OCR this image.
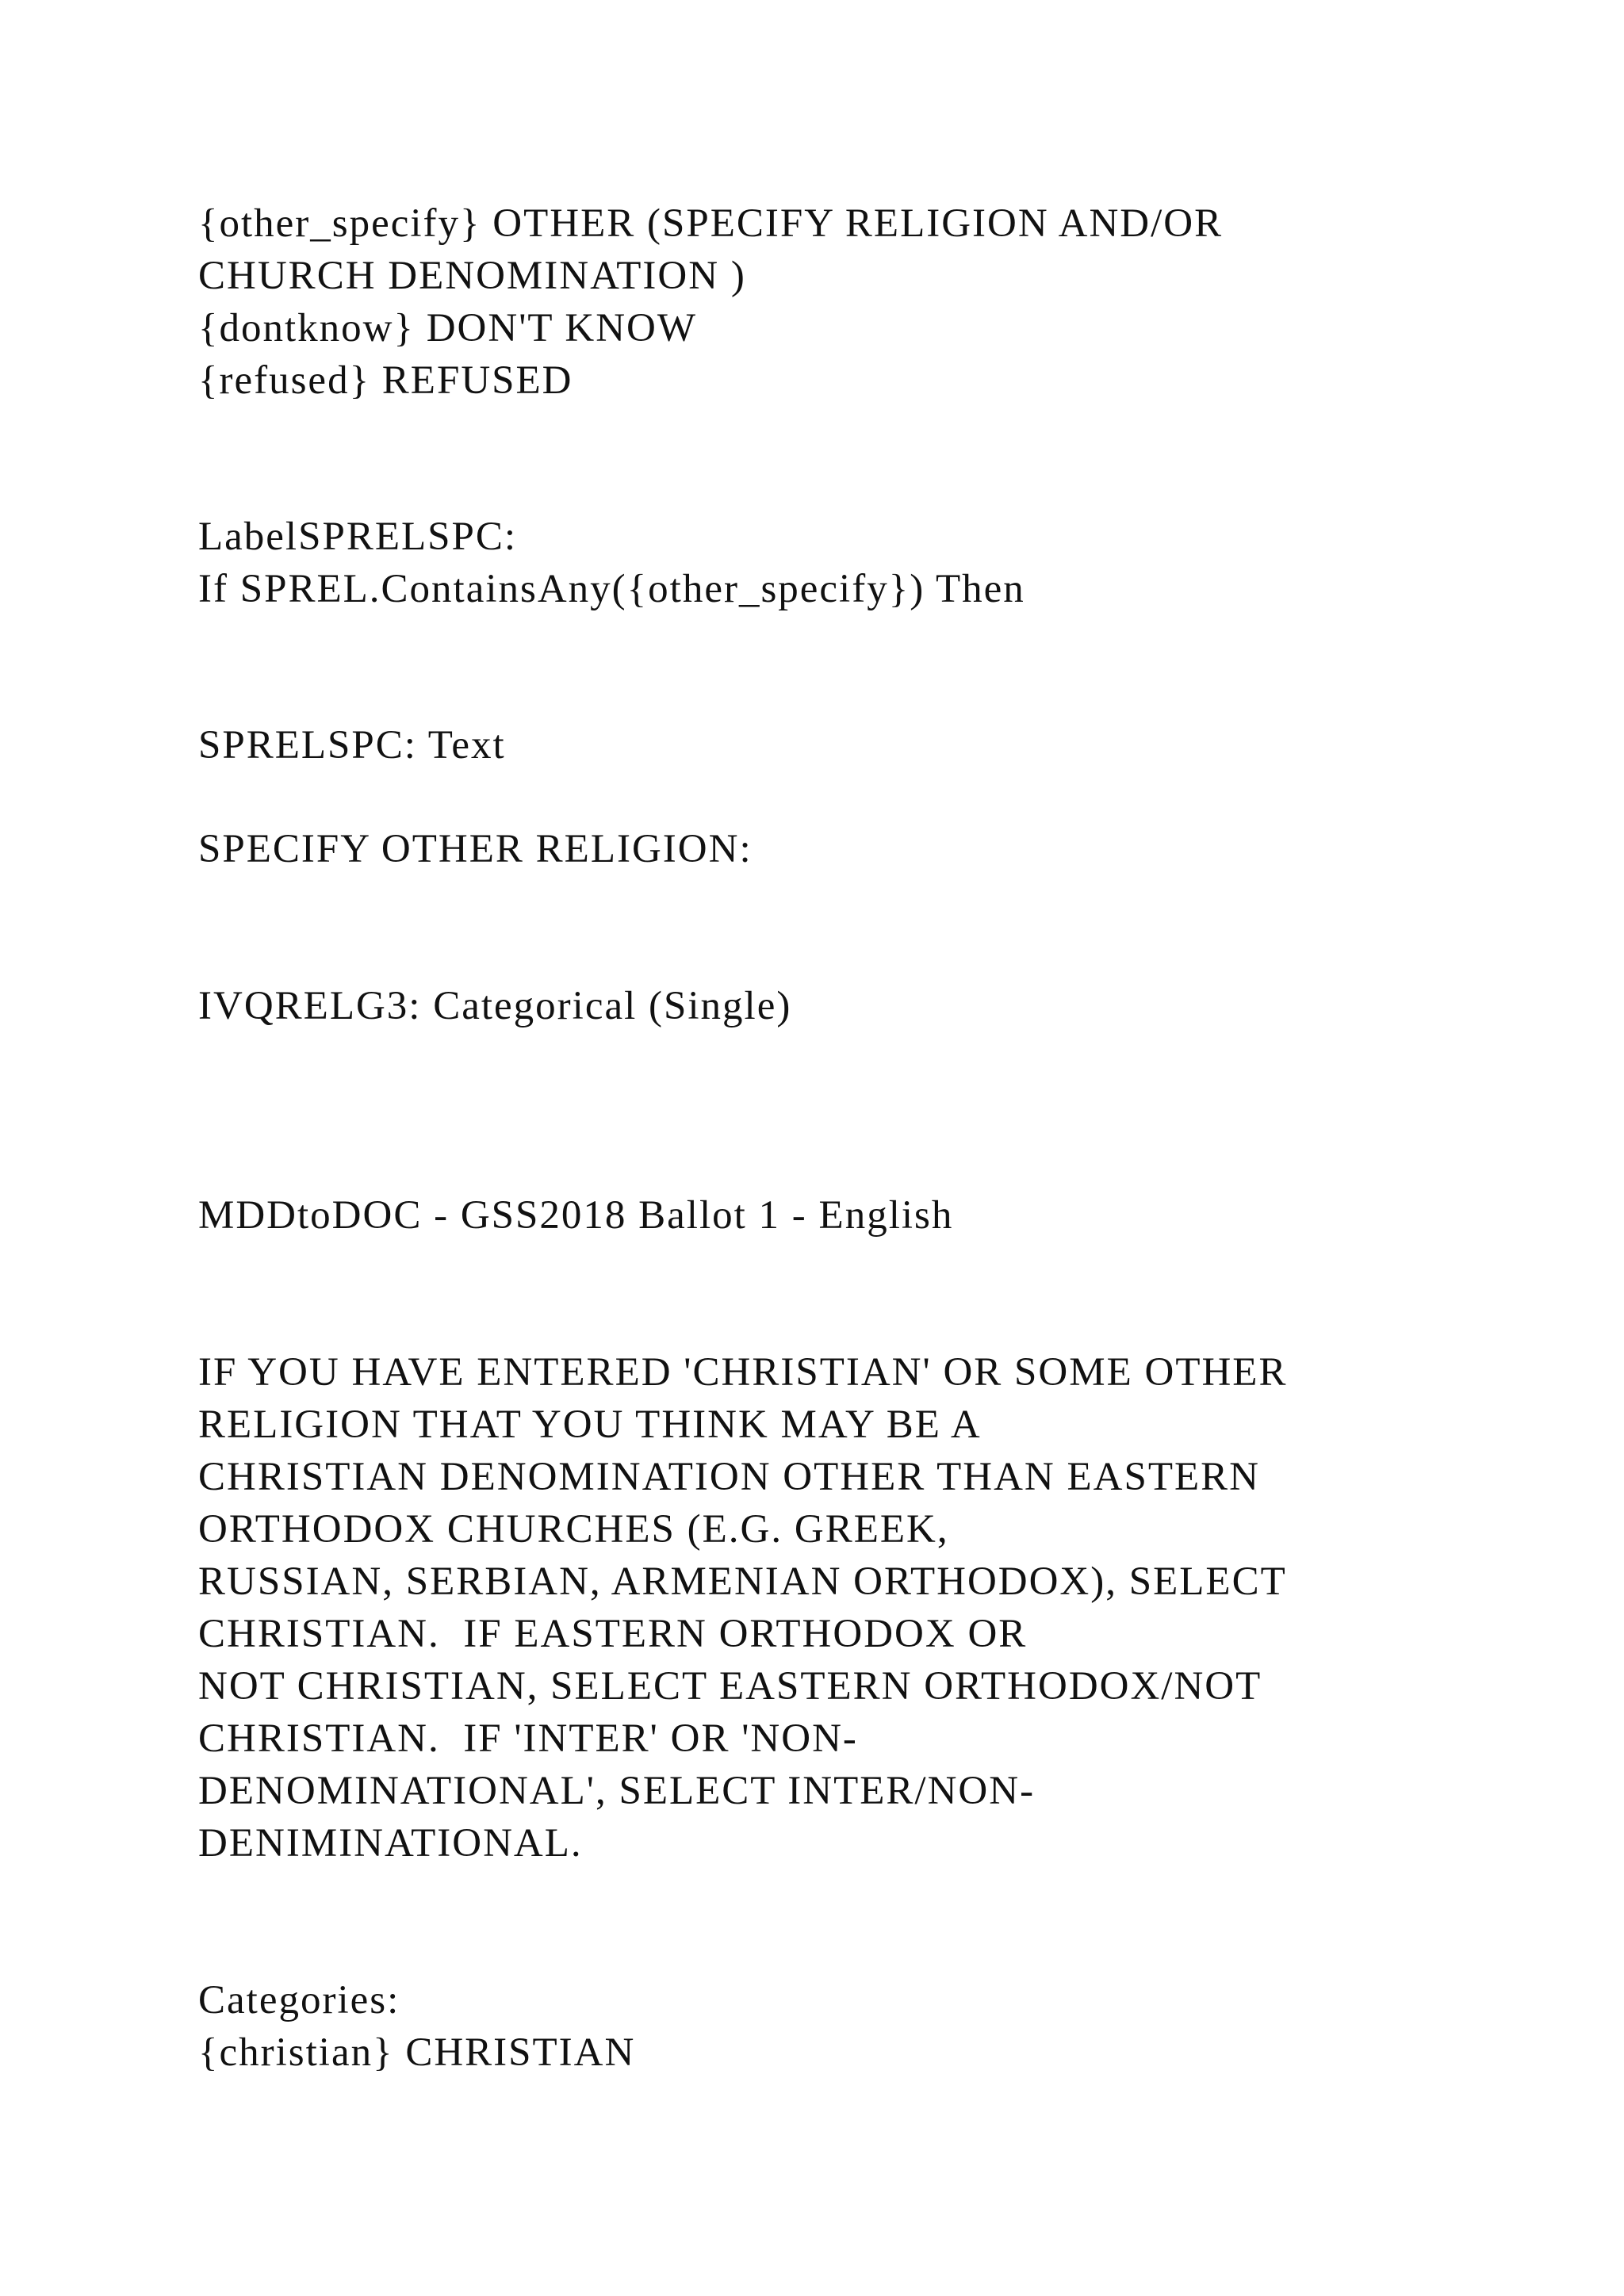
{other_specify} OTHER (SPECIFY RELIGION AND/OR

CHURCH DENOMINATION )

{dontknow} DON'T KNOW

{refused} REFUSED

LabelSPRELSPC:

If SPREL.ContainsAny({other_specify}) Then

SPRELSPC: Text

SPECIFY OTHER RELIGION:

IVQRELG3: Categorical (Single)

MDDtoDOC - GSS2018 Ballot 1 - English

IF YOU HAVE ENTERED 'CHRISTIAN' OR SOME OTHER

RELIGION THAT YOU THINK MAY BE A

CHRISTIAN DENOMINATION OTHER THAN EASTERN

ORTHODOX CHURCHES (E.G. GREEK,

RUSSIAN, SERBIAN, ARMENIAN ORTHODOX), SELECT

CHRISTIAN.  IF EASTERN ORTHODOX OR

NOT CHRISTIAN, SELECT EASTERN ORTHODOX/NOT

CHRISTIAN.  IF 'INTER' OR 'NON-

DENOMINATIONAL', SELECT INTER/NON-

DENIMINATIONAL.

Categories:

{christian} CHRISTIAN
